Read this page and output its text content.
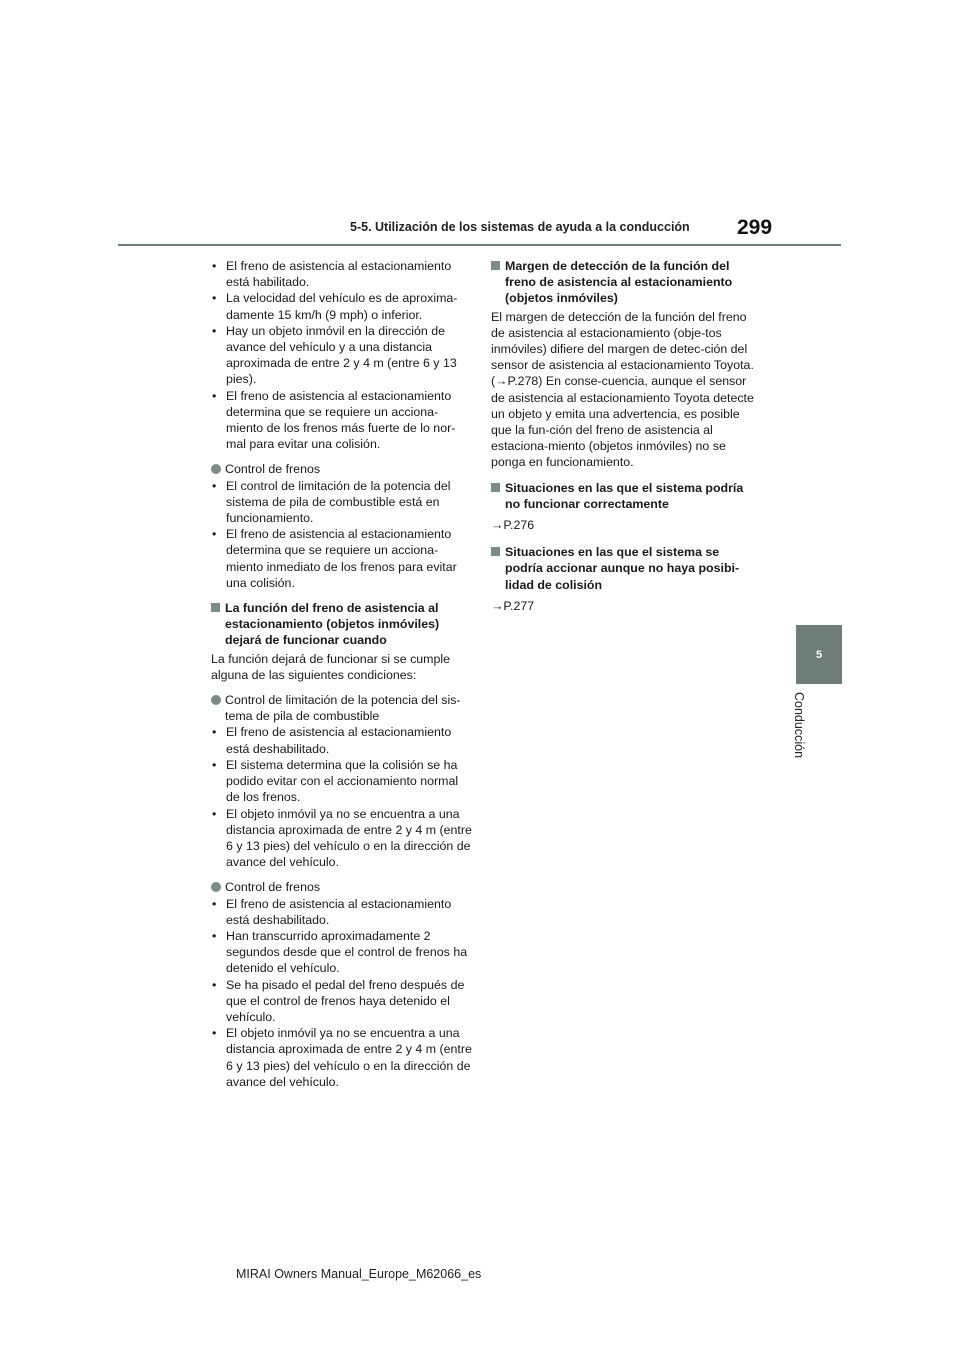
5-5. Utilización de los sistemas de ayuda a la conducción 299
5
Conducción
• El freno de asistencia al estacionamiento está habilitado.
• La velocidad del vehículo es de aproxima-damente 15 km/h (9 mph) o inferior.
• Hay un objeto inmóvil en la dirección de avance del vehículo y a una distancia aproximada de entre 2 y 4 m (entre 6 y 13 pies).
• El freno de asistencia al estacionamiento determina que se requiere un acciona-miento de los frenos más fuerte de lo nor-mal para evitar una colisión.
Control de frenos
• El control de limitación de la potencia del sistema de pila de combustible está en funcionamiento.
• El freno de asistencia al estacionamiento determina que se requiere un acciona-miento inmediato de los frenos para evitar una colisión.
La función del freno de asistencia al estacionamiento (objetos inmóviles) dejará de funcionar cuando
La función dejará de funcionar si se cumple alguna de las siguientes condiciones:
Control de limitación de la potencia del sis-tema de pila de combustible
• El freno de asistencia al estacionamiento está deshabilitado.
• El sistema determina que la colisión se ha podido evitar con el accionamiento normal de los frenos.
• El objeto inmóvil ya no se encuentra a una distancia aproximada de entre 2 y 4 m (entre 6 y 13 pies) del vehículo o en la dirección de avance del vehículo.
Control de frenos
• El freno de asistencia al estacionamiento está deshabilitado.
• Han transcurrido aproximadamente 2 segundos desde que el control de frenos ha detenido el vehículo.
• Se ha pisado el pedal del freno después de que el control de frenos haya detenido el vehículo.
• El objeto inmóvil ya no se encuentra a una distancia aproximada de entre 2 y 4 m (entre 6 y 13 pies) del vehículo o en la dirección de avance del vehículo.
Margen de detección de la función del freno de asistencia al estacionamiento (objetos inmóviles)
El margen de detección de la función del freno de asistencia al estacionamiento (obje-tos inmóviles) difiere del margen de detec-ción del sensor de asistencia al estacionamiento Toyota. (→P.278) En conse-cuencia, aunque el sensor de asistencia al estacionamiento Toyota detecte un objeto y emita una advertencia, es posible que la fun-ción del freno de asistencia al estaciona-miento (objetos inmóviles) no se ponga en funcionamiento.
Situaciones en las que el sistema podría no funcionar correctamente
→P.276
Situaciones en las que el sistema se podría accionar aunque no haya posibi-lidad de colisión
→P.277
MIRAI Owners Manual_Europe_M62066_es
